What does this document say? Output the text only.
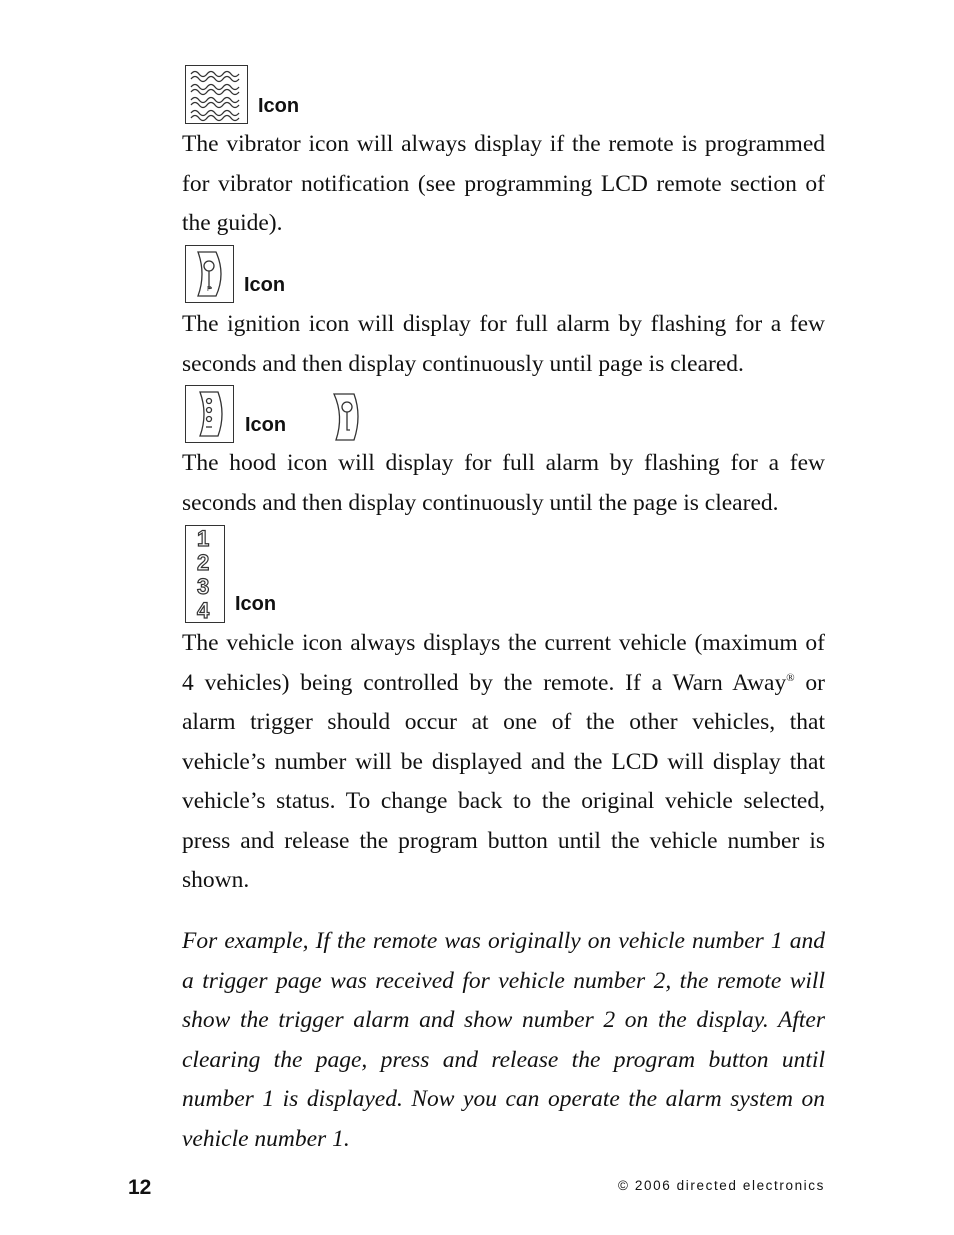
Icon
The vibrator icon will always display if the remote is programmed for vibrator notification (see programming LCD remote section of the guide).
P Icon
The ignition icon will display for full alarm by flashing for a few seconds and then display continuously until page is cleared.
Icon
The hood icon will display for full alarm by flashing for a few seconds and then display continuously until the page is cleared.
1
2
3
4 Icon
The vehicle icon always displays the current vehicle (maximum of 4 vehicles) being controlled by the remote. If a Warn Away® or alarm trigger should occur at one of the other vehicles, that vehicle’s number will be displayed and the LCD will display that vehicle’s status. To change back to the original vehicle selected, press and release the program button until the vehicle number is shown.
For example, If the remote was originally on vehicle number 1 and a trigger page was received for vehicle number 2, the remote will show the trigger alarm and show number 2 on the display. After clearing the page, press and release the program button until number 1 is displayed. Now you can operate the alarm system on vehicle number 1.
12	© 2006 directed electronics
